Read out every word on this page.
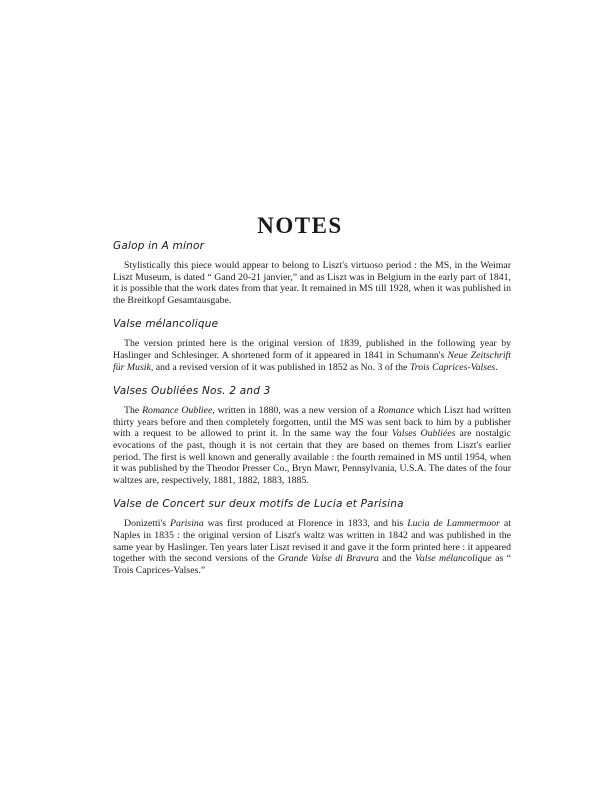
NOTES
Galop in A minor

Stylistically this piece would appear to belong to Liszt's virtuoso period : the MS, in the Weimar Liszt Museum, is dated “ Gand 20-21 janvier,” and as Liszt was in Belgium in the early part of 1841, it is possible that the work dates from that year. It remained in MS till 1928, when it was published in the Breitkopf Gesamtausgabe.

Valse mélancolique

The version printed here is the original version of 1839, published in the following year by Haslinger and Schlesinger. A shortened form of it appeared in 1841 in Schumann's Neue Zeitschrift für Musik, and a revised version of it was published in 1852 as No. 3 of the Trois Caprices-Valses.

Valses Oubliées Nos. 2 and 3

The Romance Oubliee, written in 1880, was a new version of a Romance which Liszt had written thirty years before and then completely forgotten, until the MS was sent back to him by a publisher with a request to be allowed to print it. In the same way the four Valses Oubliées are nostalgic evocations of the past, though it is not certain that they are based on themes from Liszt's earlier period. The first is well known and generally available : the fourth remained in MS until 1954, when it was published by the Theodor Presser Co., Bryn Mawr, Pennsylvania, U.S.A. The dates of the four waltzes are, respectively, 1881, 1882, 1883, 1885.

Valse de Concert sur deux motifs de Lucia et Parisina

Donizetti's Parisina was first produced at Florence in 1833, and his Lucia de Lammermoor at Naples in 1835 : the original version of Liszt's waltz was written in 1842 and was published in the same year by Haslinger. Ten years later Liszt revised it and gave it the form printed here : it appeared together with the second versions of the Grande Valse di Bravura and the Valse mélancolique as “ Trois Caprices-Valses.”
